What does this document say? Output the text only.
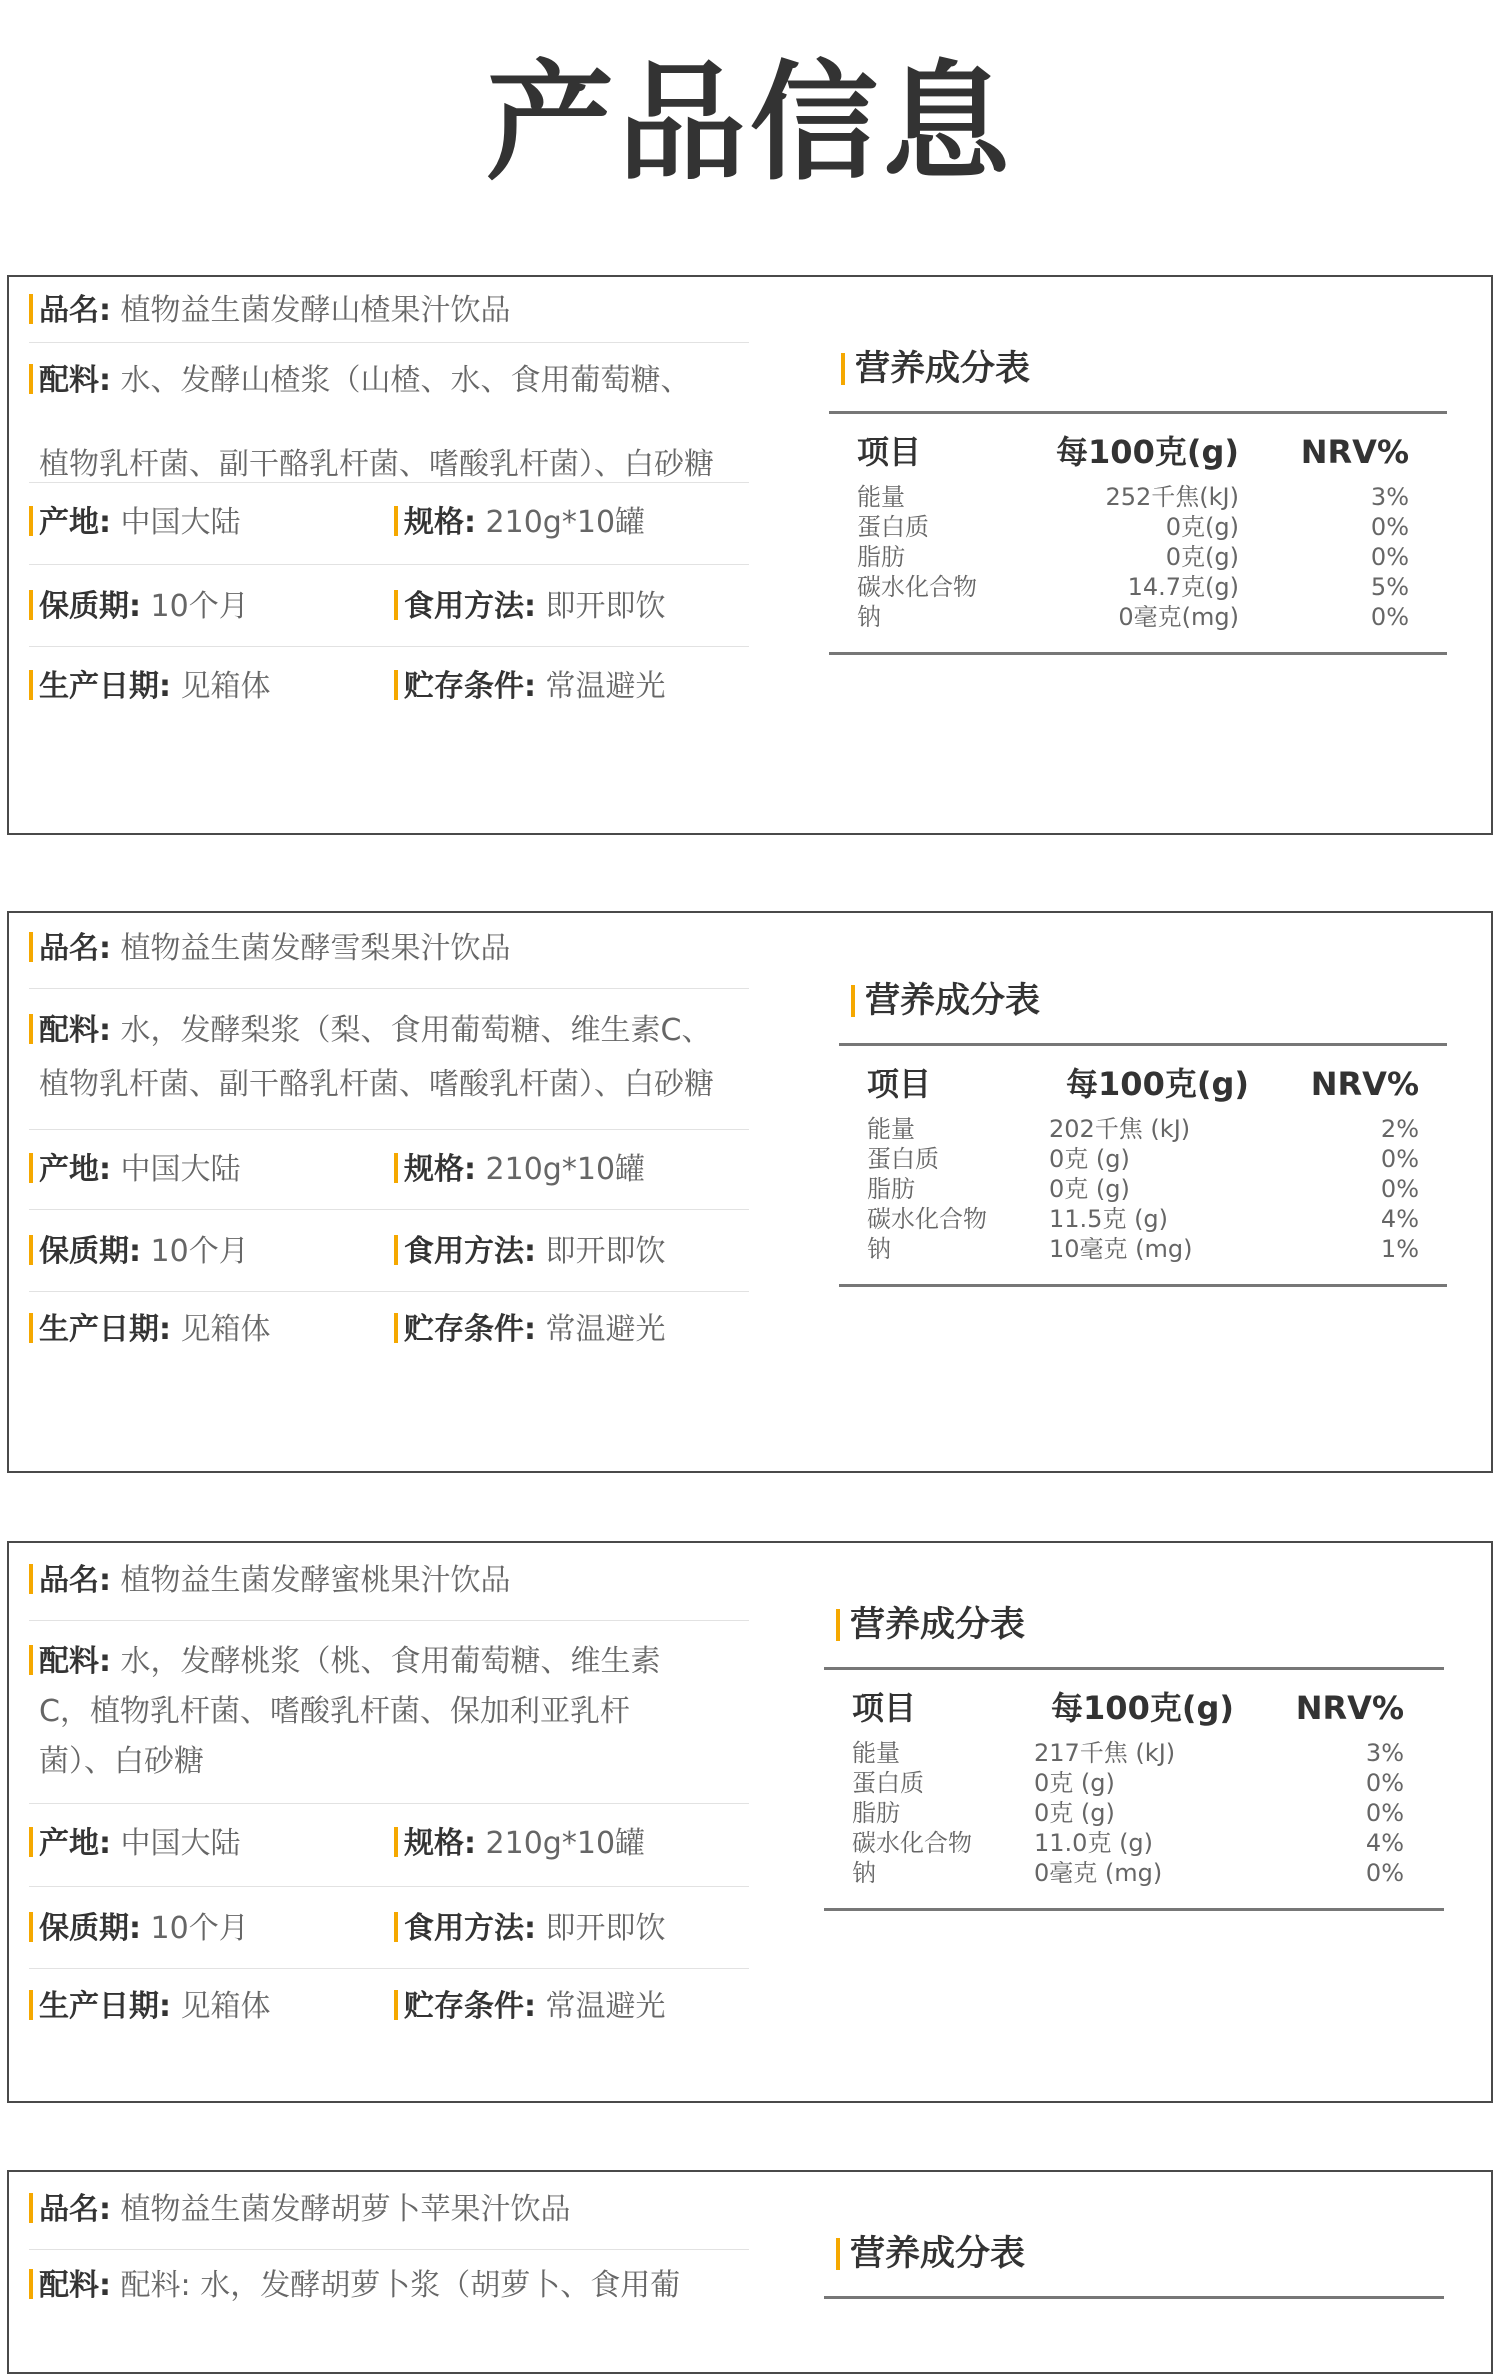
产品信息
品名: 植物益生菌发酵山楂果汁饮品
配料: 水、发酵山楂浆（山楂、水、食用葡萄糖、
植物乳杆菌、副干酪乳杆菌、嗜酸乳杆菌）、白砂糖
产地: 中国大陆	规格: 210g*10罐
保质期: 10个月	食用方法: 即开即饮
生产日期: 见箱体	贮存条件: 常温避光
营养成分表
项目	每100克(g)	NRV%
能量	252千焦(kJ)	3%
蛋白质	0克(g)	0%
脂肪	0克(g)	0%
碳水化合物	14.7克(g)	5%
钠	0毫克(mg)	0%
品名: 植物益生菌发酵雪梨果汁饮品
配料: 水，发酵梨浆（梨、食用葡萄糖、维生素C、
植物乳杆菌、副干酪乳杆菌、嗜酸乳杆菌）、白砂糖
产地: 中国大陆	规格: 210g*10罐
保质期: 10个月	食用方法: 即开即饮
生产日期: 见箱体	贮存条件: 常温避光
营养成分表
项目	每100克(g)	NRV%
能量	202千焦 (kJ)	2%
蛋白质	0克 (g)	0%
脂肪	0克 (g)	0%
碳水化合物	11.5克 (g)	4%
钠	10毫克 (mg)	1%
品名: 植物益生菌发酵蜜桃果汁饮品
配料: 水，发酵桃浆（桃、食用葡萄糖、维生素
C，植物乳杆菌、嗜酸乳杆菌、保加利亚乳杆
菌）、白砂糖
产地: 中国大陆	规格: 210g*10罐
保质期: 10个月	食用方法: 即开即饮
生产日期: 见箱体	贮存条件: 常温避光
营养成分表
项目	每100克(g)	NRV%
能量	217千焦 (kJ)	3%
蛋白质	0克 (g)	0%
脂肪	0克 (g)	0%
碳水化合物	11.0克 (g)	4%
钠	0毫克 (mg)	0%
品名: 植物益生菌发酵胡萝卜苹果汁饮品
配料: 配料: 水，发酵胡萝卜浆（胡萝卜、食用葡
营养成分表
